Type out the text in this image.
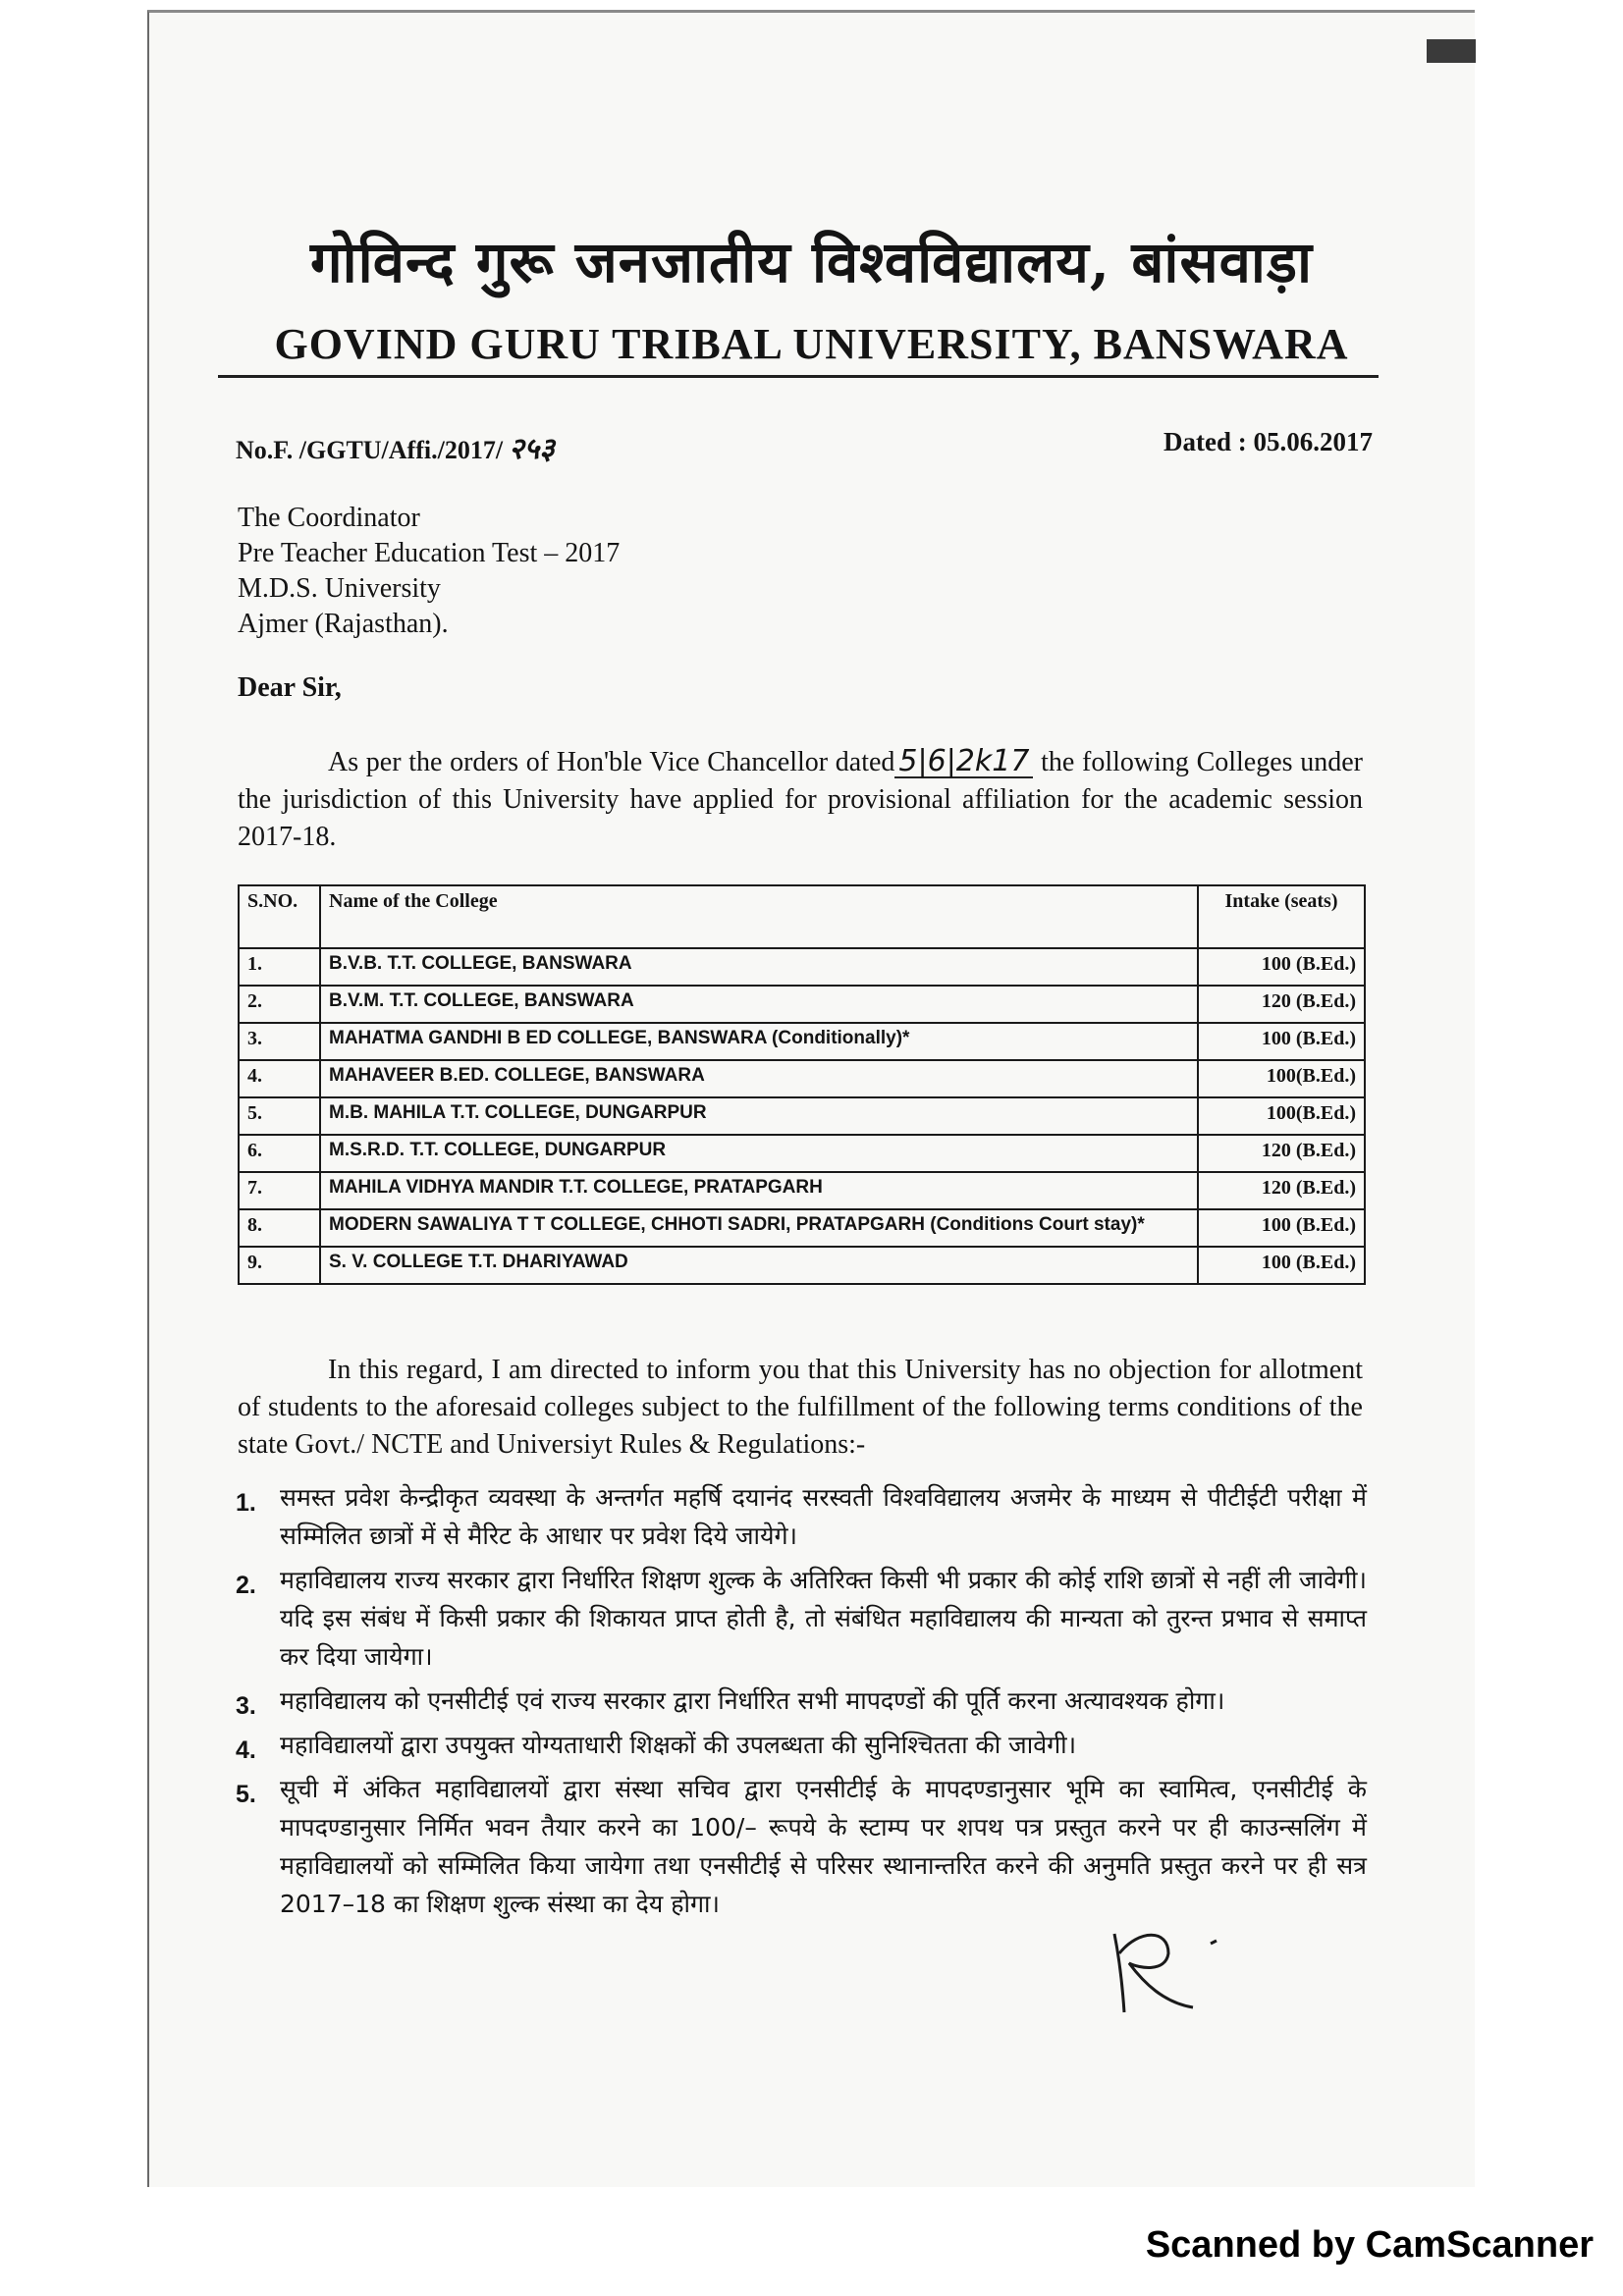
गोविन्द गुरू जनजातीय विश्वविद्यालय, बांसवाड़ा
GOVIND GURU TRIBAL UNIVERSITY, BANSWARA
No.F. /GGTU/Affi./2017/ २५३	Dated : 05.06.2017
The Coordinator
Pre Teacher Education Test – 2017
M.D.S. University
Ajmer (Rajasthan).
Dear Sir,
As per the orders of Hon'ble Vice Chancellor dated 5|6|2k17 the following Colleges under the jurisdiction of this University have applied for provisional affiliation for the academic session 2017-18.
S.NO.	Name of the College	Intake (seats)
1.	B.V.B. T.T. COLLEGE, BANSWARA	100 (B.Ed.)
2.	B.V.M. T.T. COLLEGE, BANSWARA	120 (B.Ed.)
3.	MAHATMA GANDHI B ED COLLEGE, BANSWARA (Conditionally)*	100 (B.Ed.)
4.	MAHAVEER B.ED. COLLEGE, BANSWARA	100(B.Ed.)
5.	M.B. MAHILA T.T. COLLEGE, DUNGARPUR	100(B.Ed.)
6.	M.S.R.D. T.T. COLLEGE, DUNGARPUR	120 (B.Ed.)
7.	MAHILA VIDHYA MANDIR T.T. COLLEGE, PRATAPGARH	120 (B.Ed.)
8.	MODERN SAWALIYA T T COLLEGE, CHHOTI SADRI, PRATAPGARH (Conditions Court stay)*	100 (B.Ed.)
9.	S. V. COLLEGE T.T. DHARIYAWAD	100 (B.Ed.)
In this regard, I am directed to inform you that this University has no objection for allotment of students to the aforesaid colleges subject to the fulfillment of the following terms conditions of the state Govt./ NCTE and Universiyt Rules & Regulations:-
1. समस्त प्रवेश केन्द्रीकृत व्यवस्था के अन्तर्गत महर्षि दयानंद सरस्वती विश्वविद्यालय अजमेर के माध्यम से पीटीईटी परीक्षा में सम्मिलित छात्रों में से मैरिट के आधार पर प्रवेश दिये जायेगे।
2. महाविद्यालय राज्य सरकार द्वारा निर्धारित शिक्षण शुल्क के अतिरिक्त किसी भी प्रकार की कोई राशि छात्रों से नहीं ली जावेगी। यदि इस संबंध में किसी प्रकार की शिकायत प्राप्त होती है, तो संबंधित महाविद्यालय की मान्यता को तुरन्त प्रभाव से समाप्त कर दिया जायेगा।
3. महाविद्यालय को एनसीटीई एवं राज्य सरकार द्वारा निर्धारित सभी मापदण्डों की पूर्ति करना अत्यावश्यक होगा।
4. महाविद्यालयों द्वारा उपयुक्त योग्यताधारी शिक्षकों की उपलब्धता की सुनिश्चितता की जावेगी।
5. सूची में अंकित महाविद्यालयों द्वारा संस्था सचिव द्वारा एनसीटीई के मापदण्डानुसार भूमि का स्वामित्व, एनसीटीई के मापदण्डानुसार निर्मित भवन तैयार करने का 100/– रूपये के स्टाम्प पर शपथ पत्र प्रस्तुत करने पर ही काउन्सलिंग में महाविद्यालयों को सम्मिलित किया जायेगा तथा एनसीटीई से परिसर स्थानान्तरित करने की अनुमति प्रस्तुत करने पर ही सत्र 2017–18 का शिक्षण शुल्क संस्था का देय होगा।
Scanned by CamScanner
